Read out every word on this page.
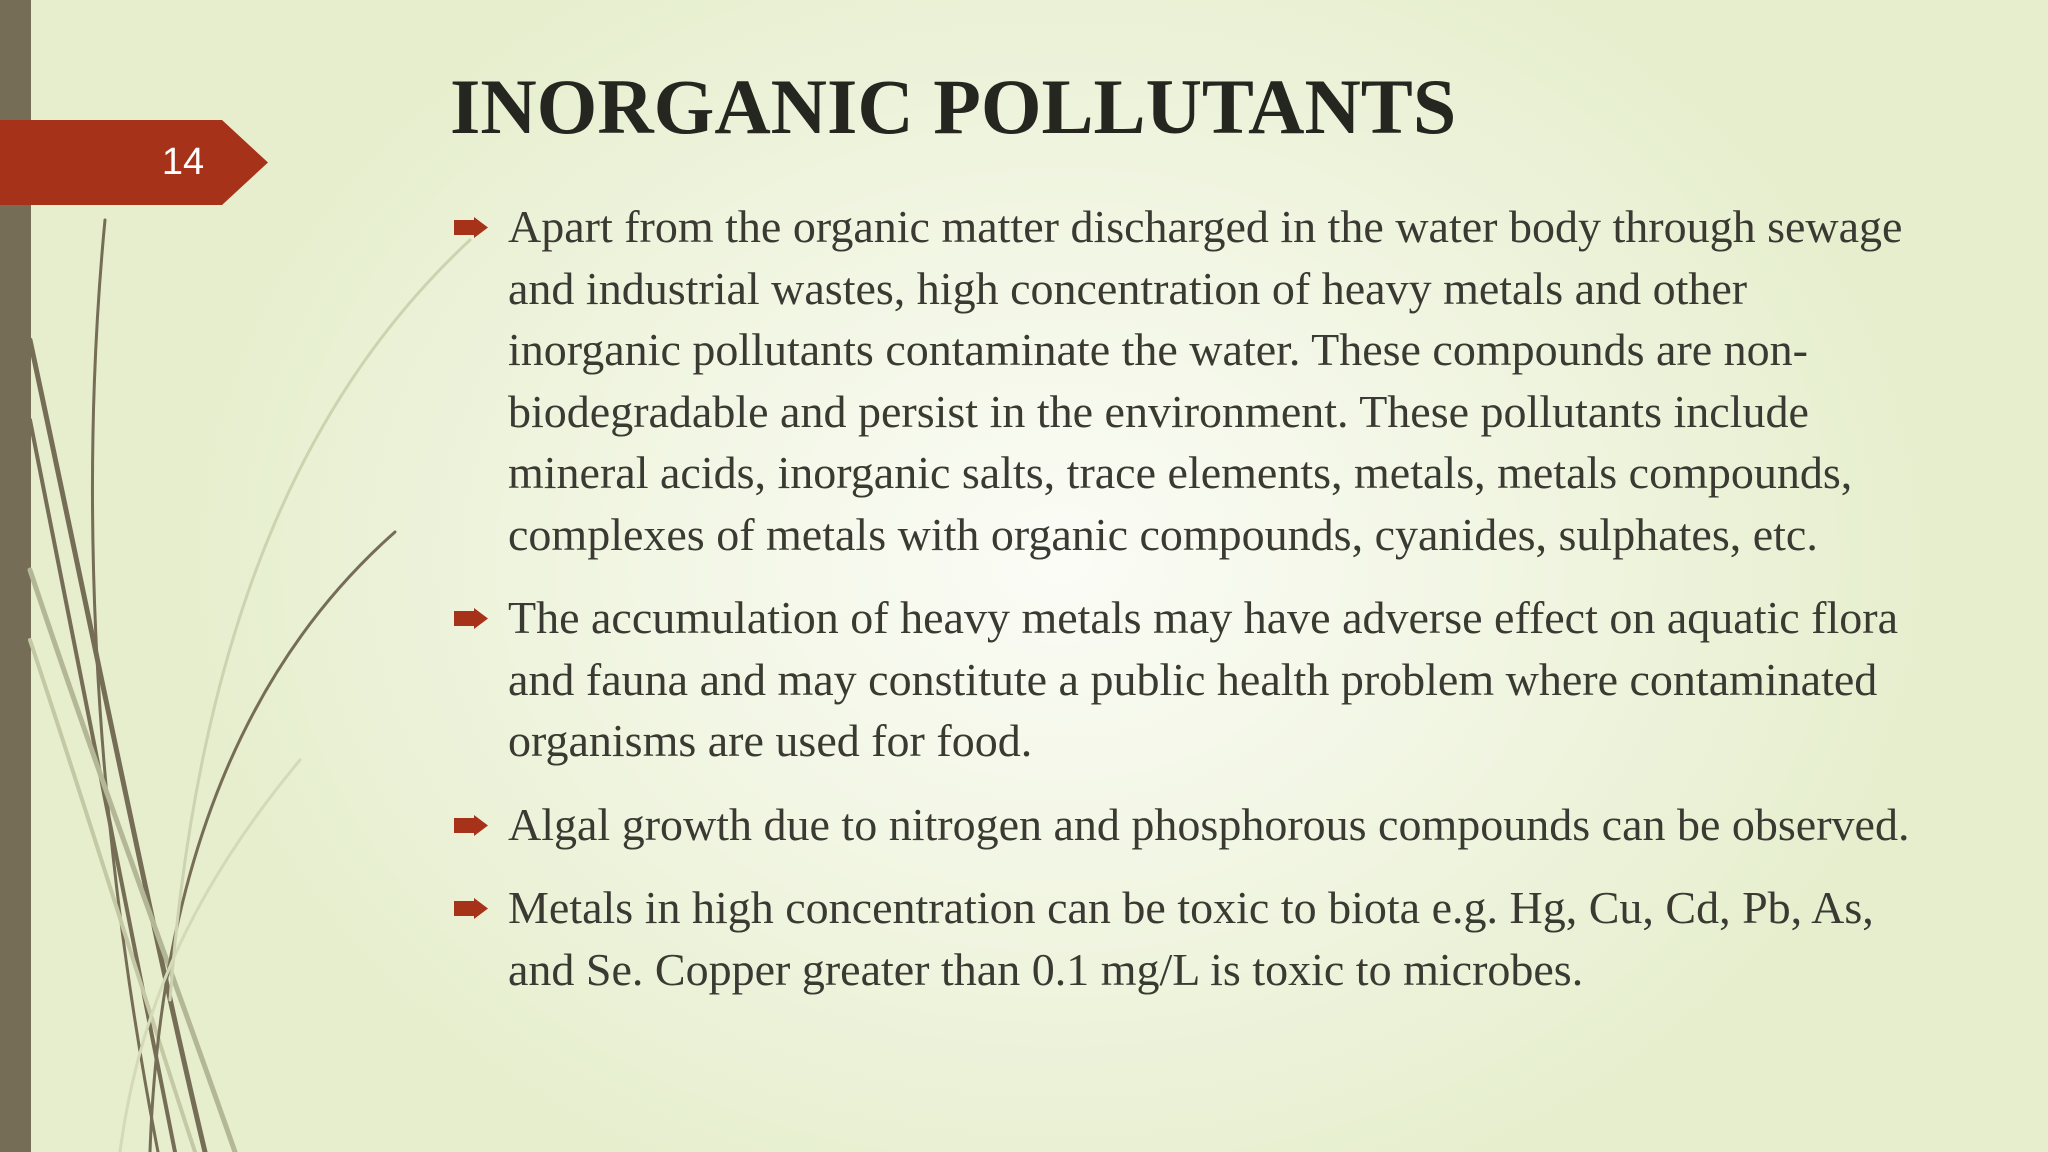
14
INORGANIC POLLUTANTS
Apart from the organic matter discharged in the water body through sewage and industrial wastes, high concentration of heavy metals and other inorganic pollutants contaminate the water. These compounds are non-biodegradable and persist in the environment. These pollutants include mineral acids, inorganic salts, trace elements, metals, metals compounds, complexes of metals with organic compounds, cyanides, sulphates, etc.
The accumulation of heavy metals may have adverse effect on aquatic flora and fauna and may constitute a public health problem where contaminated organisms are used for food.
Algal growth due to nitrogen and phosphorous compounds can be observed.
Metals in high concentration can be toxic to biota e.g. Hg, Cu, Cd, Pb, As, and Se. Copper greater than 0.1 mg/L is toxic to microbes.
